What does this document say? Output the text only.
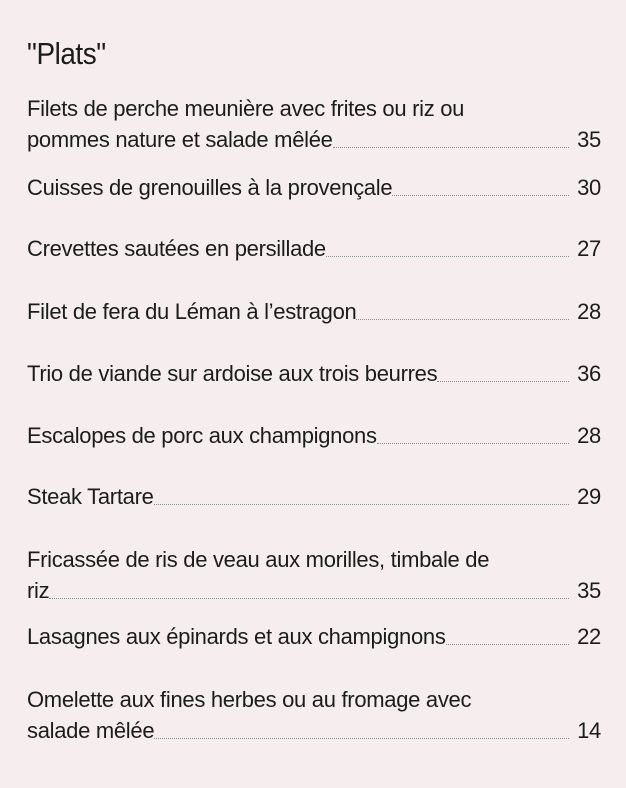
"Plats"
Filets de perche meunière avec frites ou riz ou
pommes nature et salade mêlée	35
Cuisses de grenouilles à la provençale	30
Crevettes sautées en persillade	27
Filet de fera du Léman à l’estragon	28
Trio de viande sur ardoise aux trois beurres	36
Escalopes de porc aux champignons	28
Steak Tartare	29
Fricassée de ris de veau aux morilles, timbale de
riz	35
Lasagnes aux épinards et aux champignons	22
Omelette aux fines herbes ou au fromage avec
salade mêlée	14
